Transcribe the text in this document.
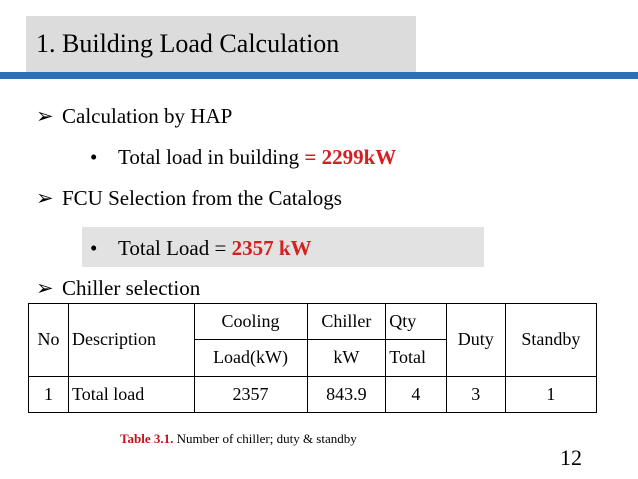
1. Building Load Calculation
➢ Calculation by HAP
• Total load in building = 2299kW
➢ FCU Selection from the Catalogs
• Total Load = 2357 kW
➢ Chiller selection
No	Description	Cooling	Chiller	Qty	Duty	Standby
		Load(kW)	kW	Total		
1	Total load	2357	843.9	4	3	1
Table 3.1. Number of chiller; duty & standby
12
